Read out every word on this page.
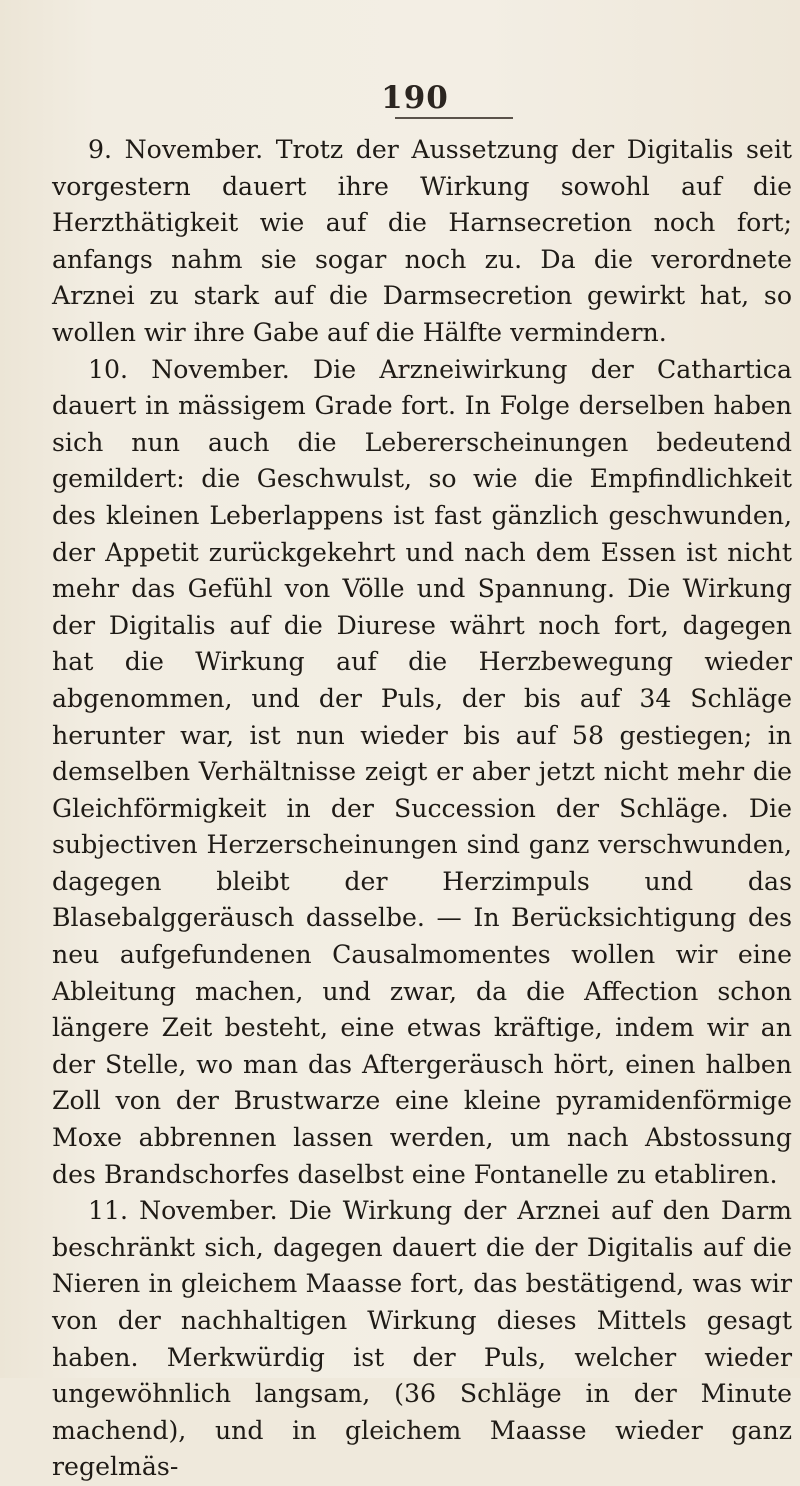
190

9. November. Trotz der Aussetzung der Digitalis seit vorgestern dauert ihre Wirkung sowohl auf die Herzthätigkeit wie auf die Harnsecretion noch fort; anfangs nahm sie sogar noch zu. Da die verordnete Arznei zu stark auf die Darmsecretion gewirkt hat, so wollen wir ihre Gabe auf die Hälfte vermindern.

10. November. Die Arzneiwirkung der Cathartica dauert in mässigem Grade fort. In Folge derselben haben sich nun auch die Lebererscheinungen bedeutend gemildert: die Geschwulst, so wie die Empfindlichkeit des kleinen Leberlappens ist fast gänzlich geschwunden, der Appetit zurückgekehrt und nach dem Essen ist nicht mehr das Gefühl von Völle und Spannung. Die Wirkung der Digitalis auf die Diurese währt noch fort, dagegen hat die Wirkung auf die Herzbewegung wieder abgenommen, und der Puls, der bis auf 34 Schläge herunter war, ist nun wieder bis auf 58 gestiegen; in demselben Verhältnisse zeigt er aber jetzt nicht mehr die Gleichförmigkeit in der Succession der Schläge. Die subjectiven Herzerscheinungen sind ganz verschwunden, dagegen bleibt der Herzimpuls und das Blasebalggeräusch dasselbe. — In Berücksichtigung des neu aufgefundenen Causalmomentes wollen wir eine Ableitung machen, und zwar, da die Affection schon längere Zeit besteht, eine etwas kräftige, indem wir an der Stelle, wo man das Aftergeräusch hört, einen halben Zoll von der Brustwarze eine kleine pyramidenförmige Moxe abbrennen lassen werden, um nach Abstossung des Brandschorfes daselbst eine Fontanelle zu etabliren.

11. November. Die Wirkung der Arznei auf den Darm beschränkt sich, dagegen dauert die der Digitalis auf die Nieren in gleichem Maasse fort, das bestätigend, was wir von der nachhaltigen Wirkung dieses Mittels gesagt haben. Merkwürdig ist der Puls, welcher wieder ungewöhnlich langsam, (36 Schläge in der Minute machend), und in gleichem Maasse wieder ganz regelmäs-
